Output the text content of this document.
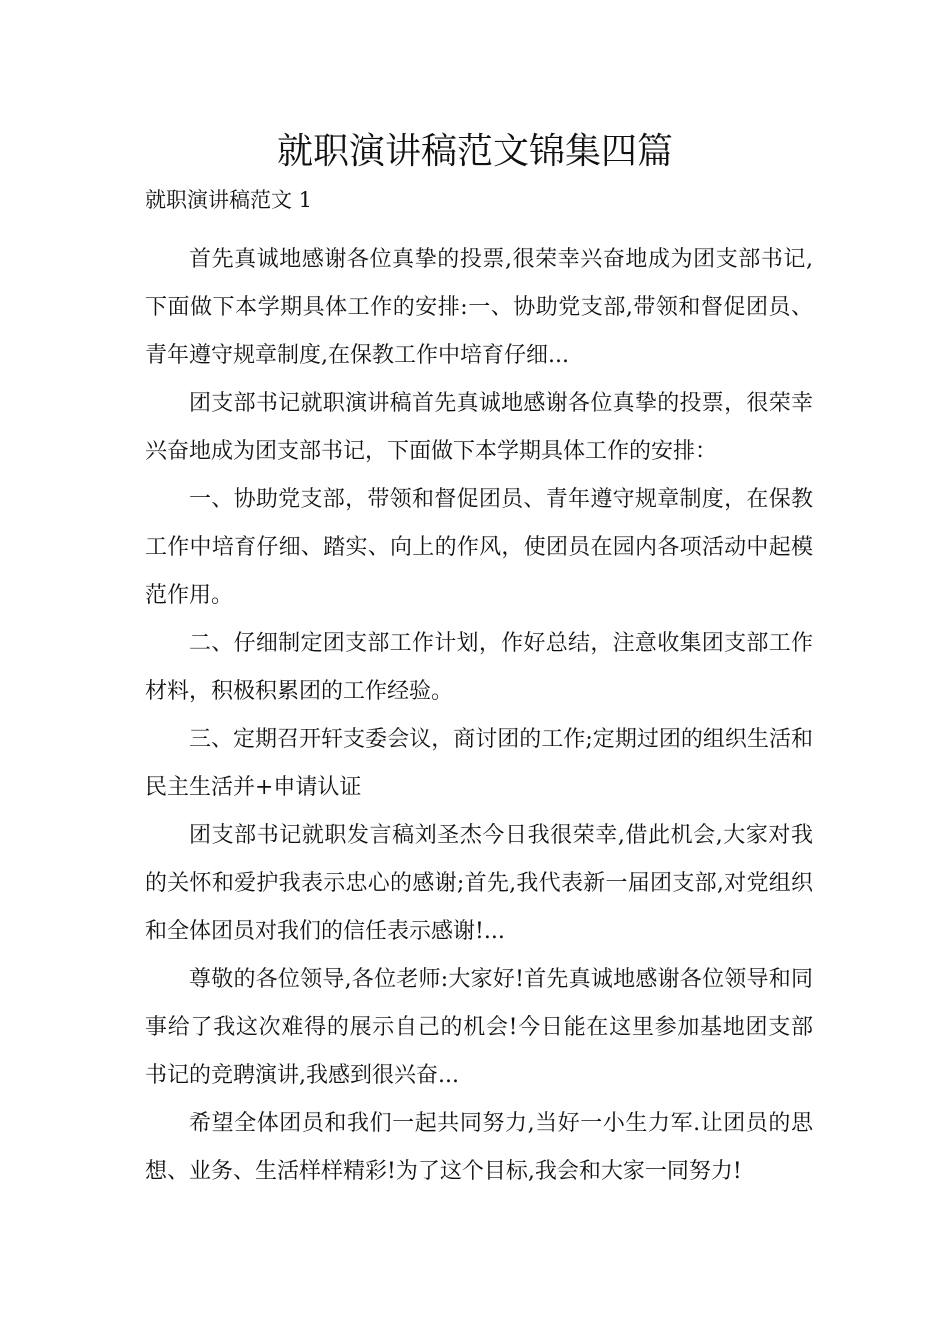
就职演讲稿范文锦集四篇

就职演讲稿范文 1

首先真诚地感谢各位真挚的投票,很荣幸兴奋地成为团支部书记,下面做下本学期具体工作的安排:一、协助党支部,带领和督促团员、青年遵守规章制度,在保教工作中培育仔细...

团支部书记就职演讲稿首先真诚地感谢各位真挚的投票，很荣幸兴奋地成为团支部书记，下面做下本学期具体工作的安排：

一、协助党支部，带领和督促团员、青年遵守规章制度，在保教工作中培育仔细、踏实、向上的作风，使团员在园内各项活动中起模范作用。

二、仔细制定团支部工作计划，作好总结，注意收集团支部工作材料，积极积累团的工作经验。

三、定期召开轩支委会议，商讨团的工作;定期过团的组织生活和民主生活并+申请认证

团支部书记就职发言稿刘圣杰今日我很荣幸,借此机会,大家对我的关怀和爱护我表示忠心的感谢;首先,我代表新一届团支部,对党组织和全体团员对我们的信任表示感谢!...

尊敬的各位领导,各位老师:大家好!首先真诚地感谢各位领导和同事给了我这次难得的展示自己的机会!今日能在这里参加基地团支部书记的竞聘演讲,我感到很兴奋...

希望全体团员和我们一起共同努力,当好一小生力军.让团员的思想、业务、生活样样精彩!为了这个目标,我会和大家一同努力!
